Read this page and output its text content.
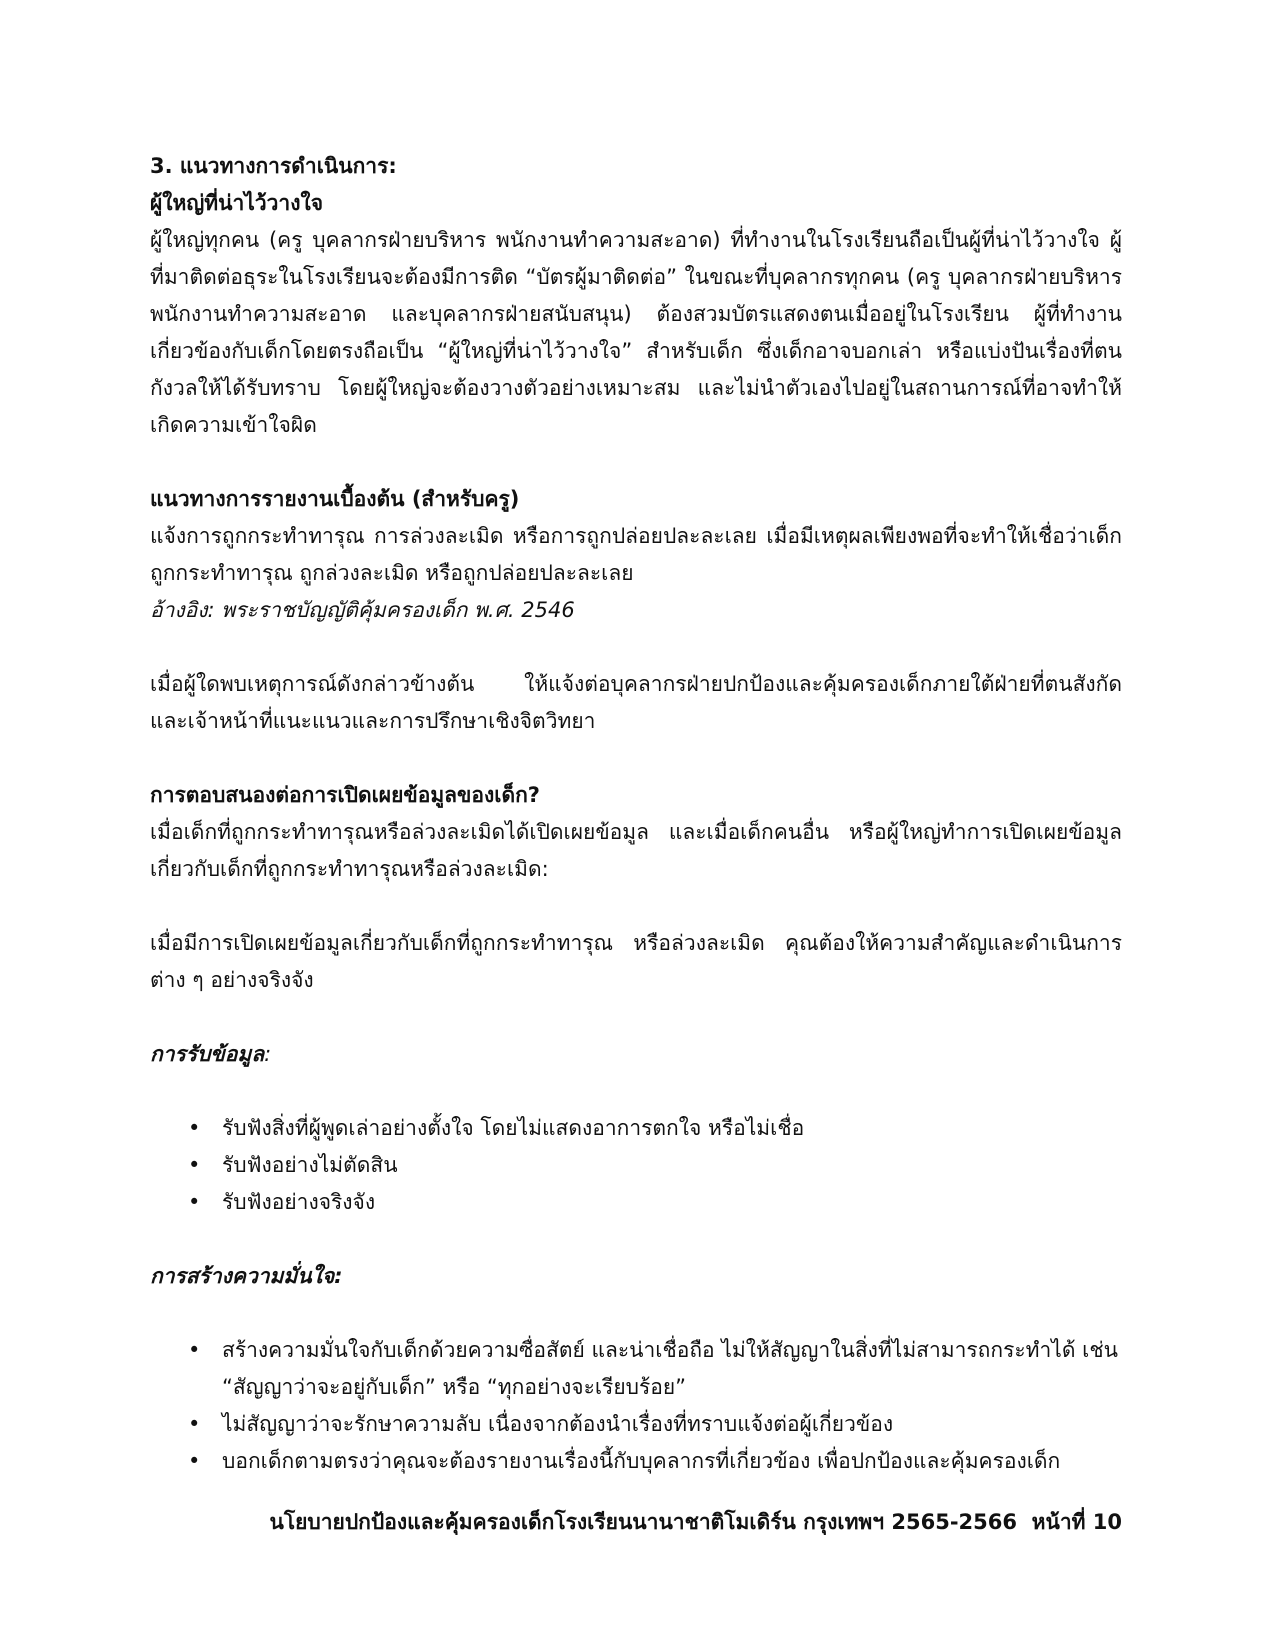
3. แนวทางการดำเนินการ:

ผู้ใหญ่ที่น่าไว้วางใจ

ผู้ใหญ่ทุกคน (ครู บุคลากรฝ่ายบริหาร พนักงานทำความสะอาด) ที่ทำงานในโรงเรียนถือเป็นผู้ที่น่าไว้วางใจ ผู้ที่มาติดต่อธุระในโรงเรียนจะต้องมีการติด “บัตรผู้มาติดต่อ” ในขณะที่บุคลากรทุกคน (ครู บุคลากรฝ่ายบริหาร พนักงานทำความสะอาด และบุคลากรฝ่ายสนับสนุน) ต้องสวมบัตรแสดงตนเมื่ออยู่ในโรงเรียน ผู้ที่ทำงานเกี่ยวข้องกับเด็กโดยตรงถือเป็น “ผู้ใหญ่ที่น่าไว้วางใจ” สำหรับเด็ก ซึ่งเด็กอาจบอกเล่า หรือแบ่งปันเรื่องที่ตนกังวลให้ได้รับทราบ โดยผู้ใหญ่จะต้องวางตัวอย่างเหมาะสม และไม่นำตัวเองไปอยู่ในสถานการณ์ที่อาจทำให้เกิดความเข้าใจผิด

แนวทางการรายงานเบื้องต้น (สำหรับครู)

แจ้งการถูกกระทำทารุณ การล่วงละเมิด หรือการถูกปล่อยปละละเลย เมื่อมีเหตุผลเพียงพอที่จะทำให้เชื่อว่าเด็กถูกกระทำทารุณ ถูกล่วงละเมิด หรือถูกปล่อยปละละเลย

อ้างอิง: พระราชบัญญัติคุ้มครองเด็ก พ.ศ. 2546

เมื่อผู้ใดพบเหตุการณ์ดังกล่าวข้างต้น ให้แจ้งต่อบุคลากรฝ่ายปกป้องและคุ้มครองเด็กภายใต้ฝ่ายที่ตนสังกัด และเจ้าหน้าที่แนะแนวและการปรึกษาเชิงจิตวิทยา

การตอบสนองต่อการเปิดเผยข้อมูลของเด็ก?

เมื่อเด็กที่ถูกกระทำทารุณหรือล่วงละเมิดได้เปิดเผยข้อมูล และเมื่อเด็กคนอื่น หรือผู้ใหญ่ทำการเปิดเผยข้อมูลเกี่ยวกับเด็กที่ถูกกระทำทารุณหรือล่วงละเมิด:

เมื่อมีการเปิดเผยข้อมูลเกี่ยวกับเด็กที่ถูกกระทำทารุณ หรือล่วงละเมิด คุณต้องให้ความสำคัญและดำเนินการต่าง ๆ อย่างจริงจัง

การรับข้อมูล:

• รับฟังสิ่งที่ผู้พูดเล่าอย่างตั้งใจ โดยไม่แสดงอาการตกใจ หรือไม่เชื่อ
• รับฟังอย่างไม่ตัดสิน
• รับฟังอย่างจริงจัง

การสร้างความมั่นใจ:

• สร้างความมั่นใจกับเด็กด้วยความซื่อสัตย์ และน่าเชื่อถือ ไม่ให้สัญญาในสิ่งที่ไม่สามารถกระทำได้ เช่น “สัญญาว่าจะอยู่กับเด็ก” หรือ “ทุกอย่างจะเรียบร้อย”
• ไม่สัญญาว่าจะรักษาความลับ เนื่องจากต้องนำเรื่องที่ทราบแจ้งต่อผู้เกี่ยวข้อง
• บอกเด็กตามตรงว่าคุณจะต้องรายงานเรื่องนี้กับบุคลากรที่เกี่ยวข้อง เพื่อปกป้องและคุ้มครองเด็ก
นโยบายปกป้องและคุ้มครองเด็กโรงเรียนนานาชาติโมเดิร์น กรุงเทพฯ 2565-2566 หน้าที่ 10
